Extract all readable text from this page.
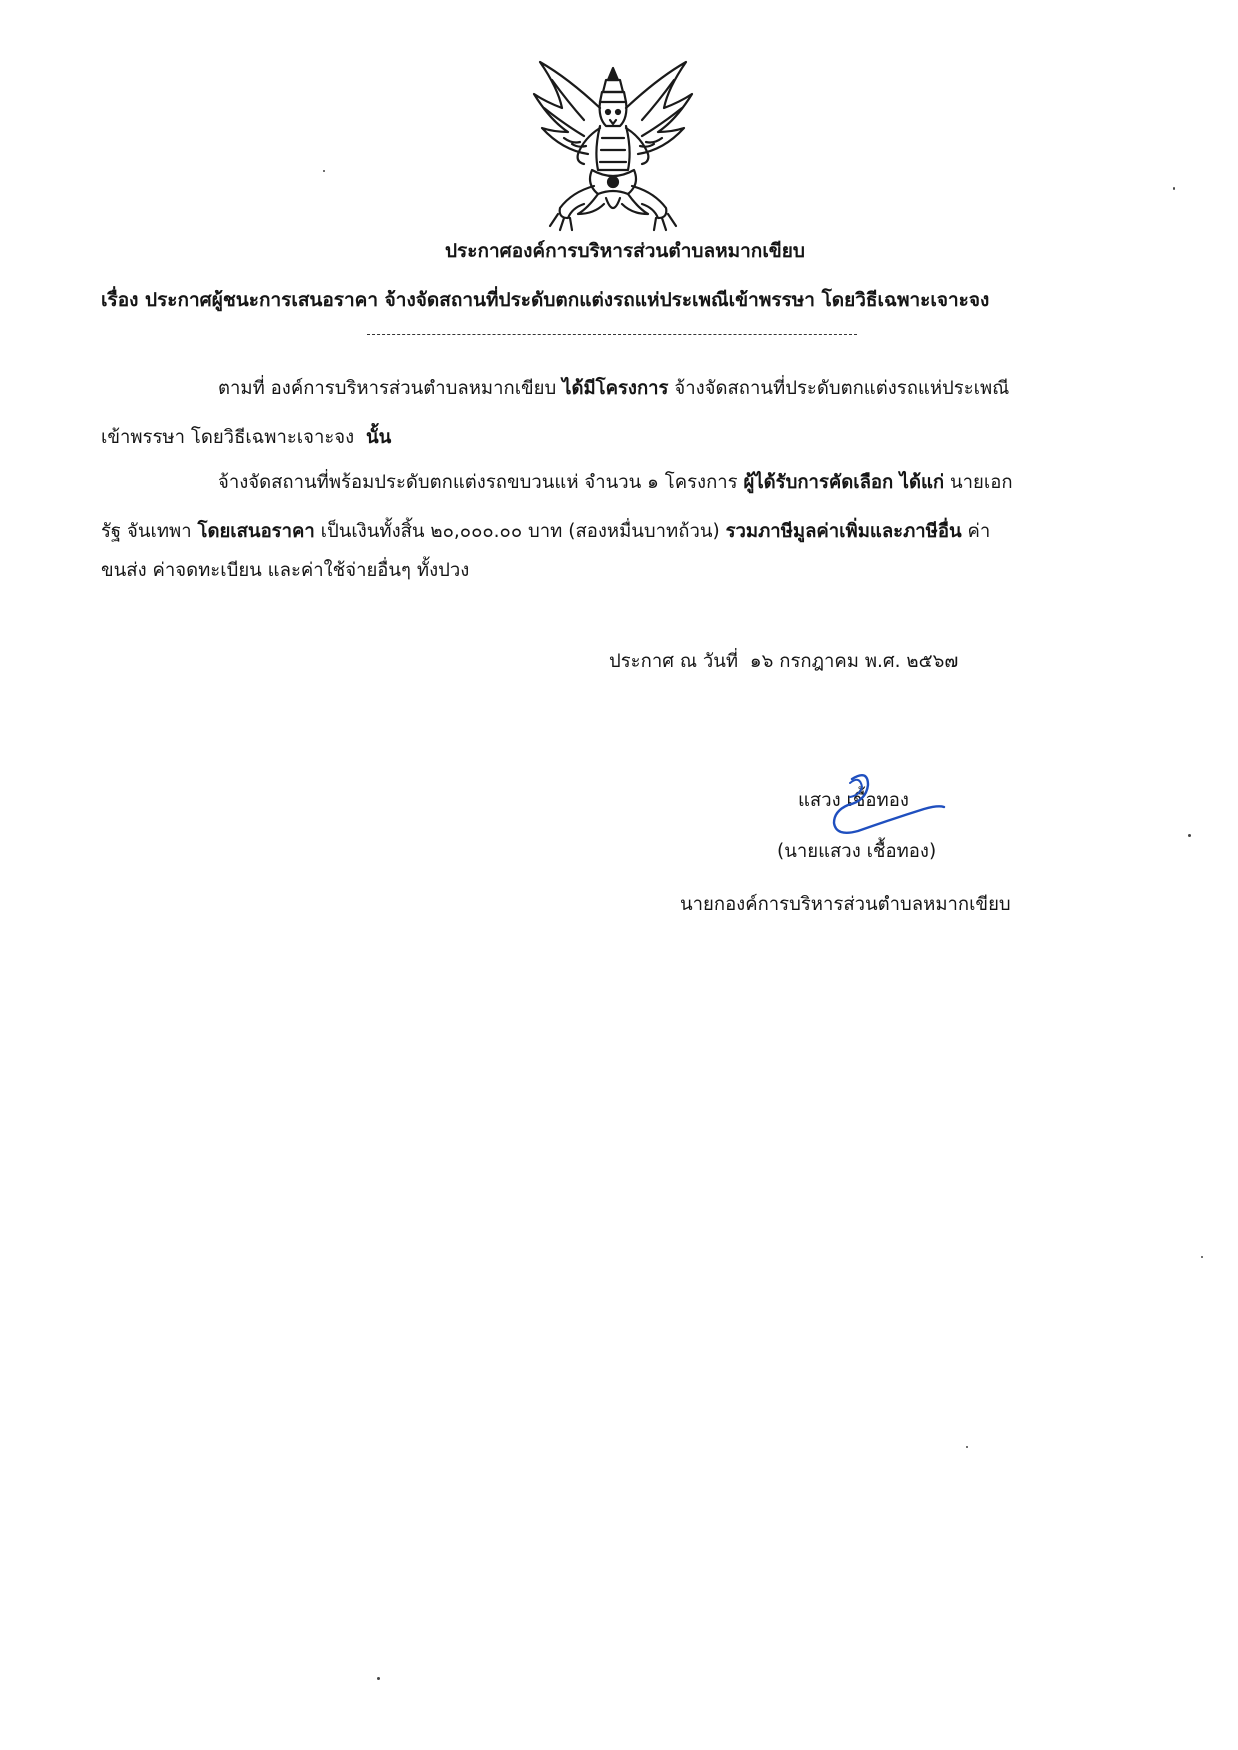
ประกาศองค์การบริหารส่วนตำบลหมากเขียบ
เรื่อง ประกาศผู้ชนะการเสนอราคา จ้างจัดสถานที่ประดับตกแต่งรถแห่ประเพณีเข้าพรรษา โดยวิธีเฉพาะเจาะจง
ตามที่ องค์การบริหารส่วนตำบลหมากเขียบ ได้มีโครงการ จ้างจัดสถานที่ประดับตกแต่งรถแห่ประเพณี
เข้าพรรษา โดยวิธีเฉพาะเจาะจง นั้น
จ้างจัดสถานที่พร้อมประดับตกแต่งรถขบวนแห่ จำนวน ๑ โครงการ ผู้ได้รับการคัดเลือก ได้แก่ นายเอก
รัฐ จันเทพา โดยเสนอราคา เป็นเงินทั้งสิ้น ๒๐,๐๐๐.๐๐ บาท (สองหมื่นบาทถ้วน) รวมภาษีมูลค่าเพิ่มและภาษีอื่น ค่า
ขนส่ง ค่าจดทะเบียน และค่าใช้จ่ายอื่นๆ ทั้งปวง
ประกาศ ณ วันที่ ๑๖ กรกฎาคม พ.ศ. ๒๕๖๗
แสวง เชื้อทอง
(นายแสวง เชื้อทอง)
นายกองค์การบริหารส่วนตำบลหมากเขียบ
